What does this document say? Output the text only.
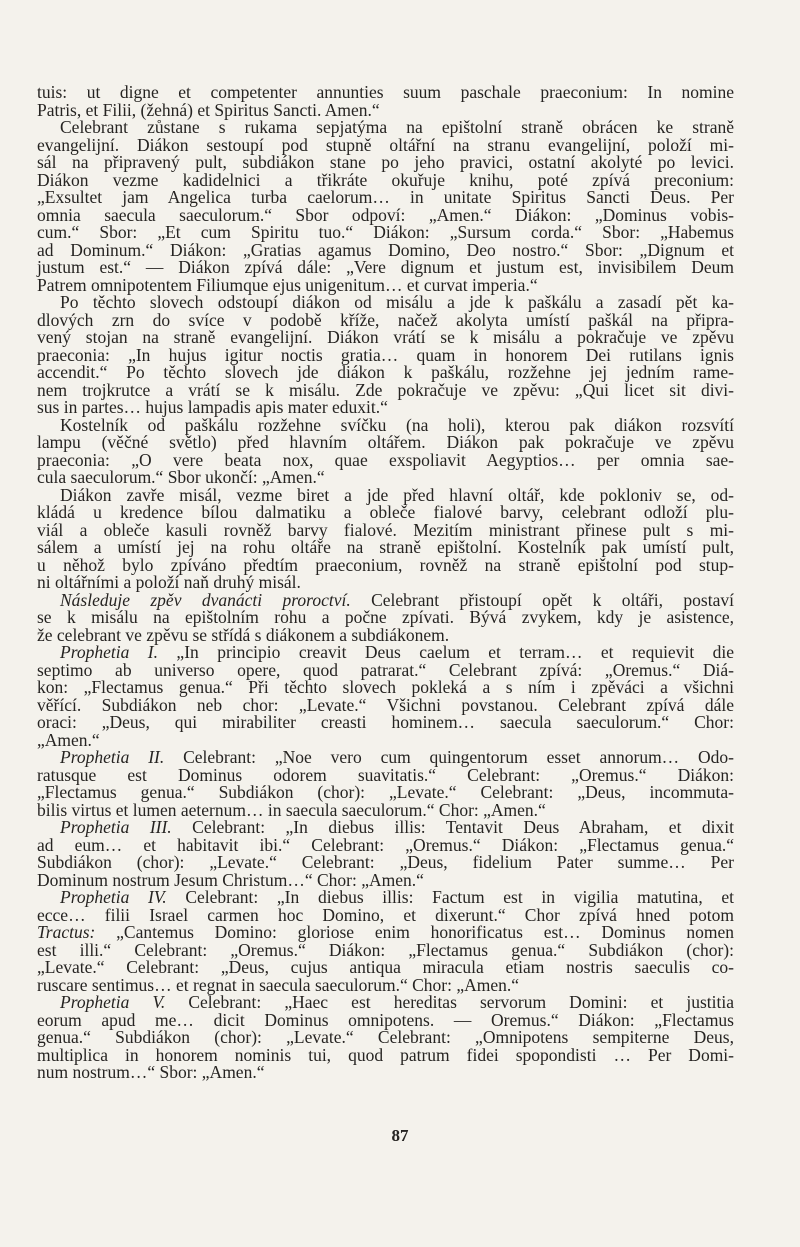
tuis: ut digne et competenter annunties suum paschale praeconium: In nomine
Patris, et Filii, (žehná) et Spiritus Sancti. Amen.“
Celebrant zůstane s rukama sepjatýma na epištolní straně obrácen ke straně
evangelijní. Diákon sestoupí pod stupně oltářní na stranu evangelijní, položí mi-
sál na připravený pult, subdiákon stane po jeho pravici, ostatní akolyté po levici.
Diákon vezme kadidelnici a třikráte okuřuje knihu, poté zpívá preconium:
„Exsultet jam Angelica turba caelorum… in unitate Spiritus Sancti Deus. Per
omnia saecula saeculorum.“ Sbor odpoví: „Amen.“ Diákon: „Dominus vobis-
cum.“ Sbor: „Et cum Spiritu tuo.“ Diákon: „Sursum corda.“ Sbor: „Habemus
ad Dominum.“ Diákon: „Gratias agamus Domino, Deo nostro.“ Sbor: „Dignum et
justum est.“ — Diákon zpívá dále: „Vere dignum et justum est, invisibilem Deum
Patrem omnipotentem Filiumque ejus unigenitum… et curvat imperia.“
Po těchto slovech odstoupí diákon od misálu a jde k paškálu a zasadí pět ka-
dlových zrn do svíce v podobě kříže, načež akolyta umístí paškál na připra-
vený stojan na straně evangelijní. Diákon vrátí se k misálu a pokračuje ve zpěvu
praeconia: „In hujus igitur noctis gratia… quam in honorem Dei rutilans ignis
accendit.“ Po těchto slovech jde diákon k paškálu, rozžehne jej jedním rame-
nem trojkrutce a vrátí se k misálu. Zde pokračuje ve zpěvu: „Qui licet sit divi-
sus in partes… hujus lampadis apis mater eduxit.“
Kostelník od paškálu rozžehne svíčku (na holi), kterou pak diákon rozsvítí
lampu (věčné světlo) před hlavním oltářem. Diákon pak pokračuje ve zpěvu
praeconia: „O vere beata nox, quae exspoliavit Aegyptios… per omnia sae-
cula saeculorum.“ Sbor ukončí: „Amen.“
Diákon zavře misál, vezme biret a jde před hlavní oltář, kde pokloniv se, od-
kládá u kredence bílou dalmatiku a obleče fialové barvy, celebrant odloží plu-
viál a obleče kasuli rovněž barvy fialové. Mezitím ministrant přinese pult s mi-
sálem a umístí jej na rohu oltáře na straně epištolní. Kostelník pak umístí pult,
u něhož bylo zpíváno předtím praeconium, rovněž na straně epištolní pod stup-
ni oltářními a položí naň druhý misál.
Následuje zpěv dvanácti proroctví. Celebrant přistoupí opět k oltáři, postaví
se k misálu na epištolním rohu a počne zpívati. Bývá zvykem, kdy je asistence,
že celebrant ve zpěvu se střídá s diákonem a subdiákonem.
Prophetia I. „In principio creavit Deus caelum et terram… et requievit die
septimo ab universo opere, quod patrarat.“ Celebrant zpívá: „Oremus.“ Diá-
kon: „Flectamus genua.“ Při těchto slovech pokleká a s ním i zpěváci a všichni
věřící. Subdiákon neb chor: „Levate.“ Všichni povstanou. Celebrant zpívá dále
oraci: „Deus, qui mirabiliter creasti hominem… saecula saeculorum.“ Chor:
„Amen.“
Prophetia II. Celebrant: „Noe vero cum quingentorum esset annorum… Odo-
ratusque est Dominus odorem suavitatis.“ Celebrant: „Oremus.“ Diákon:
„Flectamus genua.“ Subdiákon (chor): „Levate.“ Celebrant: „Deus, incommuta-
bilis virtus et lumen aeternum… in saecula saeculorum.“ Chor: „Amen.“
Prophetia III. Celebrant: „In diebus illis: Tentavit Deus Abraham, et dixit
ad eum… et habitavit ibi.“ Celebrant: „Oremus.“ Diákon: „Flectamus genua.“
Subdiákon (chor): „Levate.“ Celebrant: „Deus, fidelium Pater summe… Per
Dominum nostrum Jesum Christum…“ Chor: „Amen.“
Prophetia IV. Celebrant: „In diebus illis: Factum est in vigilia matutina, et
ecce… filii Israel carmen hoc Domino, et dixerunt.“ Chor zpívá hned potom
Tractus: „Cantemus Domino: gloriose enim honorificatus est… Dominus nomen
est illi.“ Celebrant: „Oremus.“ Diákon: „Flectamus genua.“ Subdiákon (chor):
„Levate.“ Celebrant: „Deus, cujus antiqua miracula etiam nostris saeculis co-
ruscare sentimus… et regnat in saecula saeculorum.“ Chor: „Amen.“
Prophetia V. Celebrant: „Haec est hereditas servorum Domini: et justitia
eorum apud me… dicit Dominus omnipotens. — Oremus.“ Diákon: „Flectamus
genua.“ Subdiákon (chor): „Levate.“ Celebrant: „Omnipotens sempiterne Deus,
multiplica in honorem nominis tui, quod patrum fidei spopondisti … Per Domi-
num nostrum…“ Sbor: „Amen.“
87
